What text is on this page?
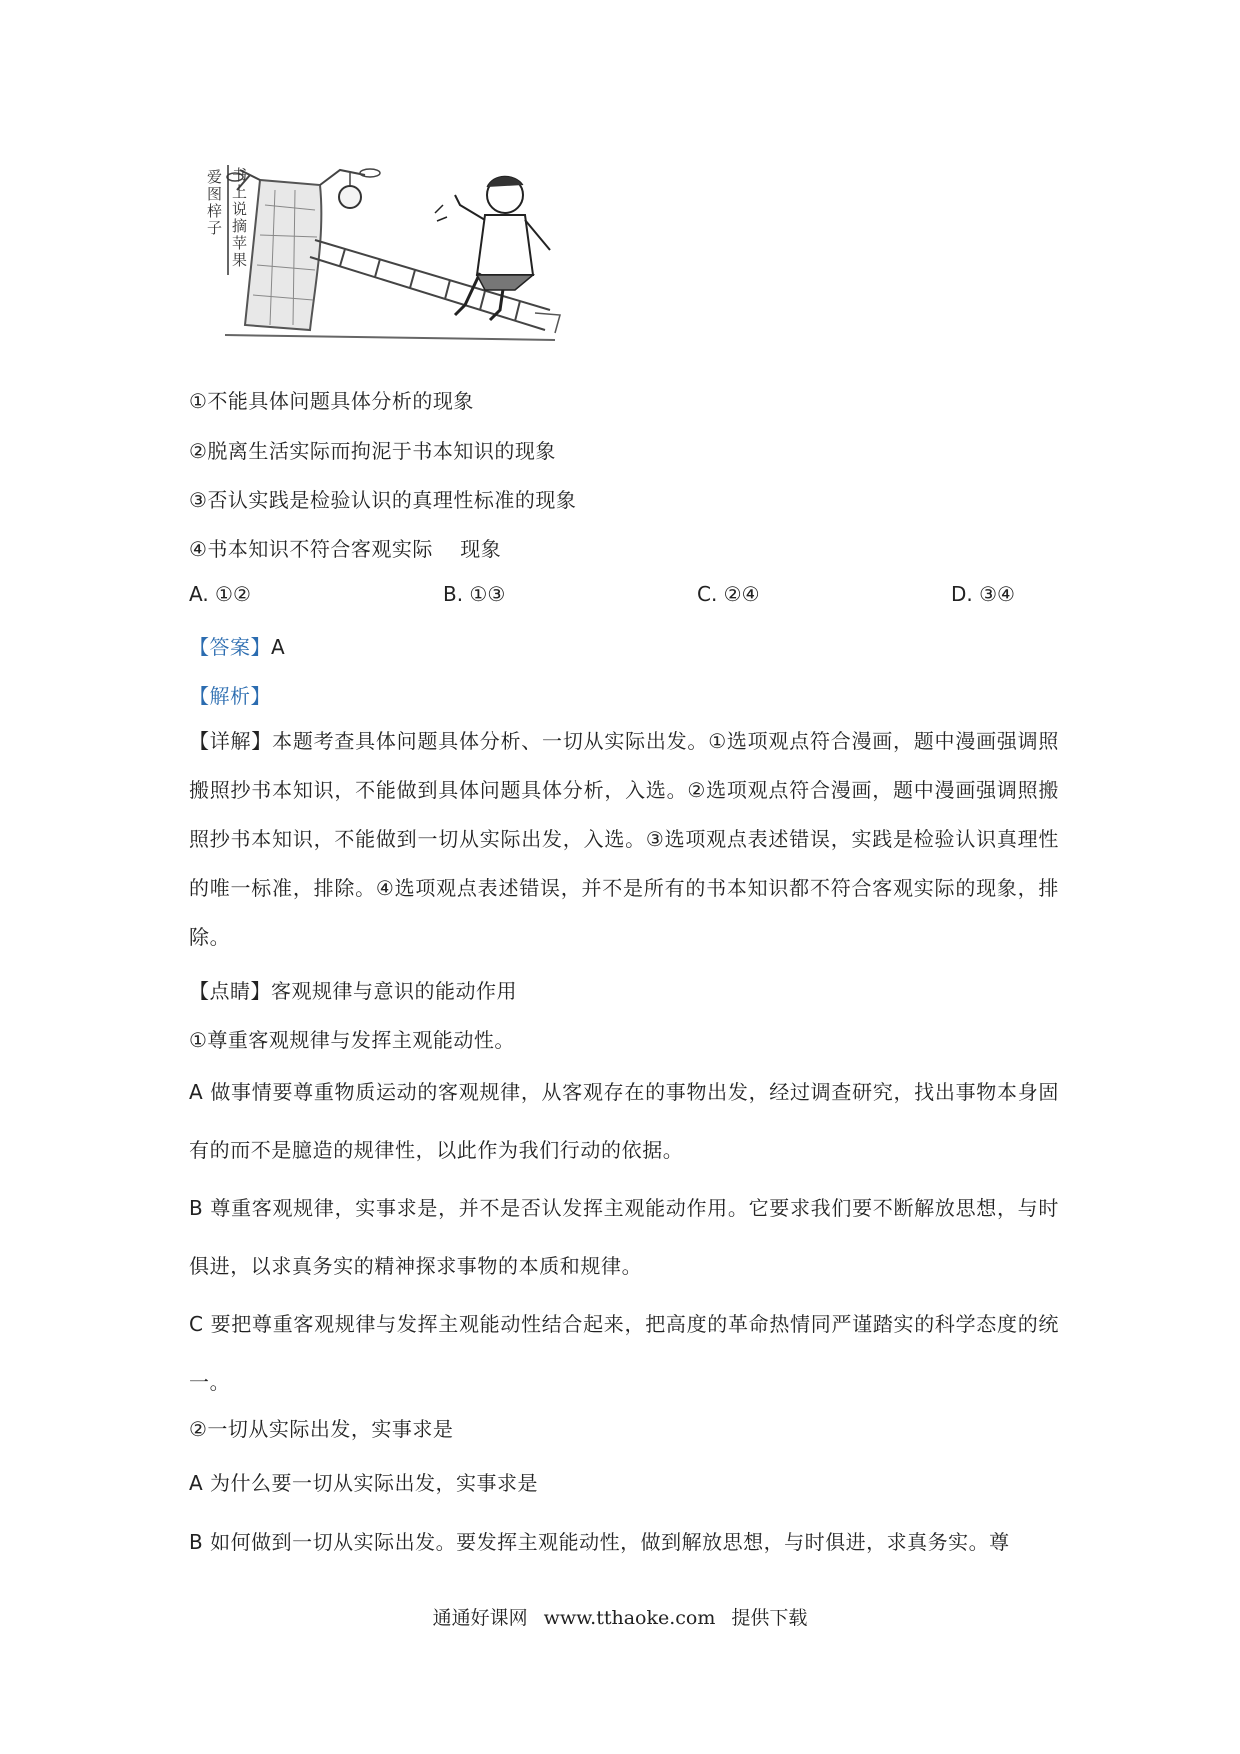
爱图梓子
书上说摘苹果
①不能具体问题具体分析的现象
②脱离生活实际而拘泥于书本知识的现象
③否认实践是检验认识的真理性标准的现象
④书本知识不符合客观实际　 现象
A. ①②	B. ①③	C. ②④	D. ③④
【答案】A
【解析】
【详解】本题考查具体问题具体分析、一切从实际出发。①选项观点符合漫画，题中漫画强调照搬照抄书本知识，不能做到具体问题具体分析，入选。②选项观点符合漫画，题中漫画强调照搬照抄书本知识，不能做到一切从实际出发，入选。③选项观点表述错误，实践是检验认识真理性的唯一标准，排除。④选项观点表述错误，并不是所有的书本知识都不符合客观实际的现象，排除。
【点睛】客观规律与意识的能动作用
①尊重客观规律与发挥主观能动性。
A 做事情要尊重物质运动的客观规律，从客观存在的事物出发，经过调查研究，找出事物本身固有的而不是臆造的规律性，以此作为我们行动的依据。
B 尊重客观规律，实事求是，并不是否认发挥主观能动作用。它要求我们要不断解放思想，与时俱进，以求真务实的精神探求事物的本质和规律。
C 要把尊重客观规律与发挥主观能动性结合起来，把高度的革命热情同严谨踏实的科学态度的统一。
②一切从实际出发，实事求是
A 为什么要一切从实际出发，实事求是
B 如何做到一切从实际出发。要发挥主观能动性，做到解放思想，与时俱进，求真务实。尊
通通好课网 www.tthaoke.com 提供下载
